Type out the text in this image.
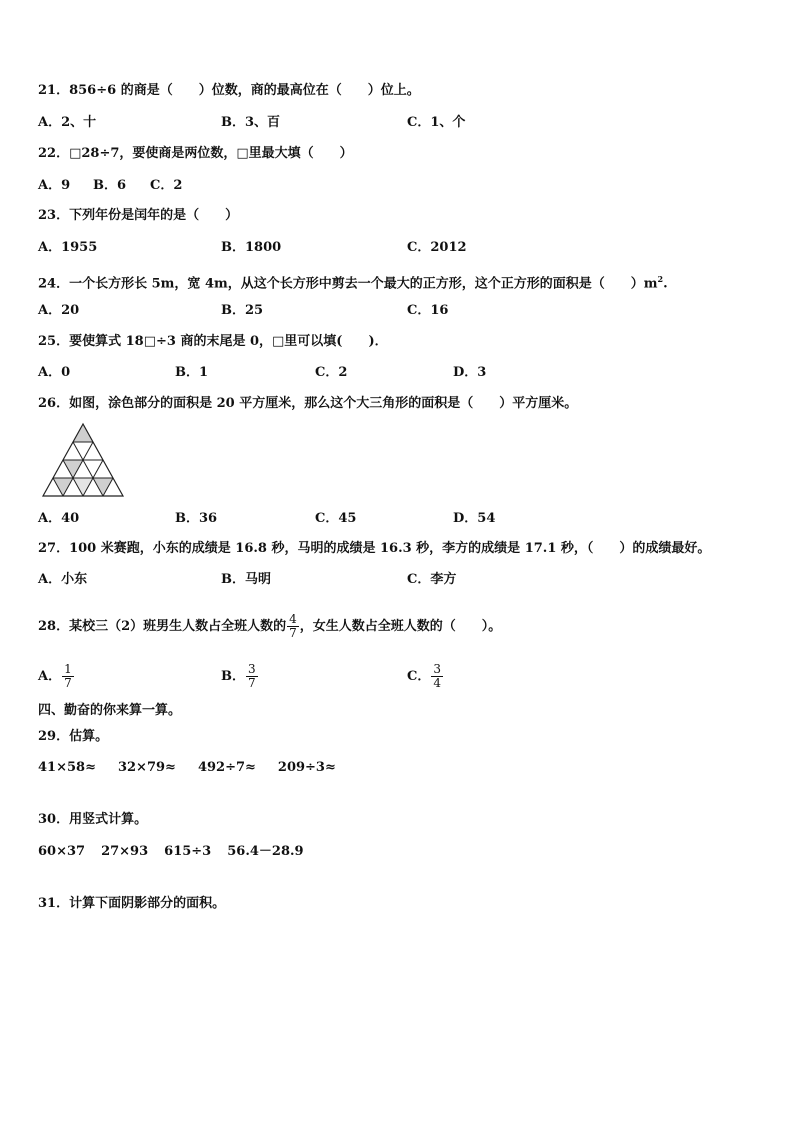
21．856÷6 的商是（　　）位数，商的最高位在（　　）位上。
A．2、十	B．3、百	C．1、个
22．□28÷7，要使商是两位数，□里最大填（　　）
A．9 B．6 C．2
23．下列年份是闰年的是（　　）
A．1955	B．1800	C．2012
24．一个长方形长 5m，宽 4m，从这个长方形中剪去一个最大的正方形，这个正方形的面积是（　　）$m^2$.
A．20	B．25	C．16
25．要使算式 18□÷3 商的末尾是 0，□里可以填(　　)．
A．0	B．1	C．2	D．3
26．如图，涂色部分的面积是 20 平方厘米，那么这个大三角形的面积是（　　）平方厘米。
A．40	B．36	C．45	D．54
27．100 米赛跑，小东的成绩是 16.8 秒，马明的成绩是 16.3 秒，李方的成绩是 17.1 秒，（　　）的成绩最好。
A．小东	B．马明	C．李方
28．某校三（2）班男生人数占全班人数的 $\frac{4}{7}$ ，女生人数占全班人数的（　　）。
A． $\frac{1}{7}$	B． $\frac{3}{7}$	C． $\frac{3}{4}$
四、勤奋的你来算一算。
29．估算。
41×58≈ 32×79≈ 492÷7≈ 209÷3≈
30．用竖式计算。
60×37 27×93 615÷3 56.4－28.9
31．计算下面阴影部分的面积。
